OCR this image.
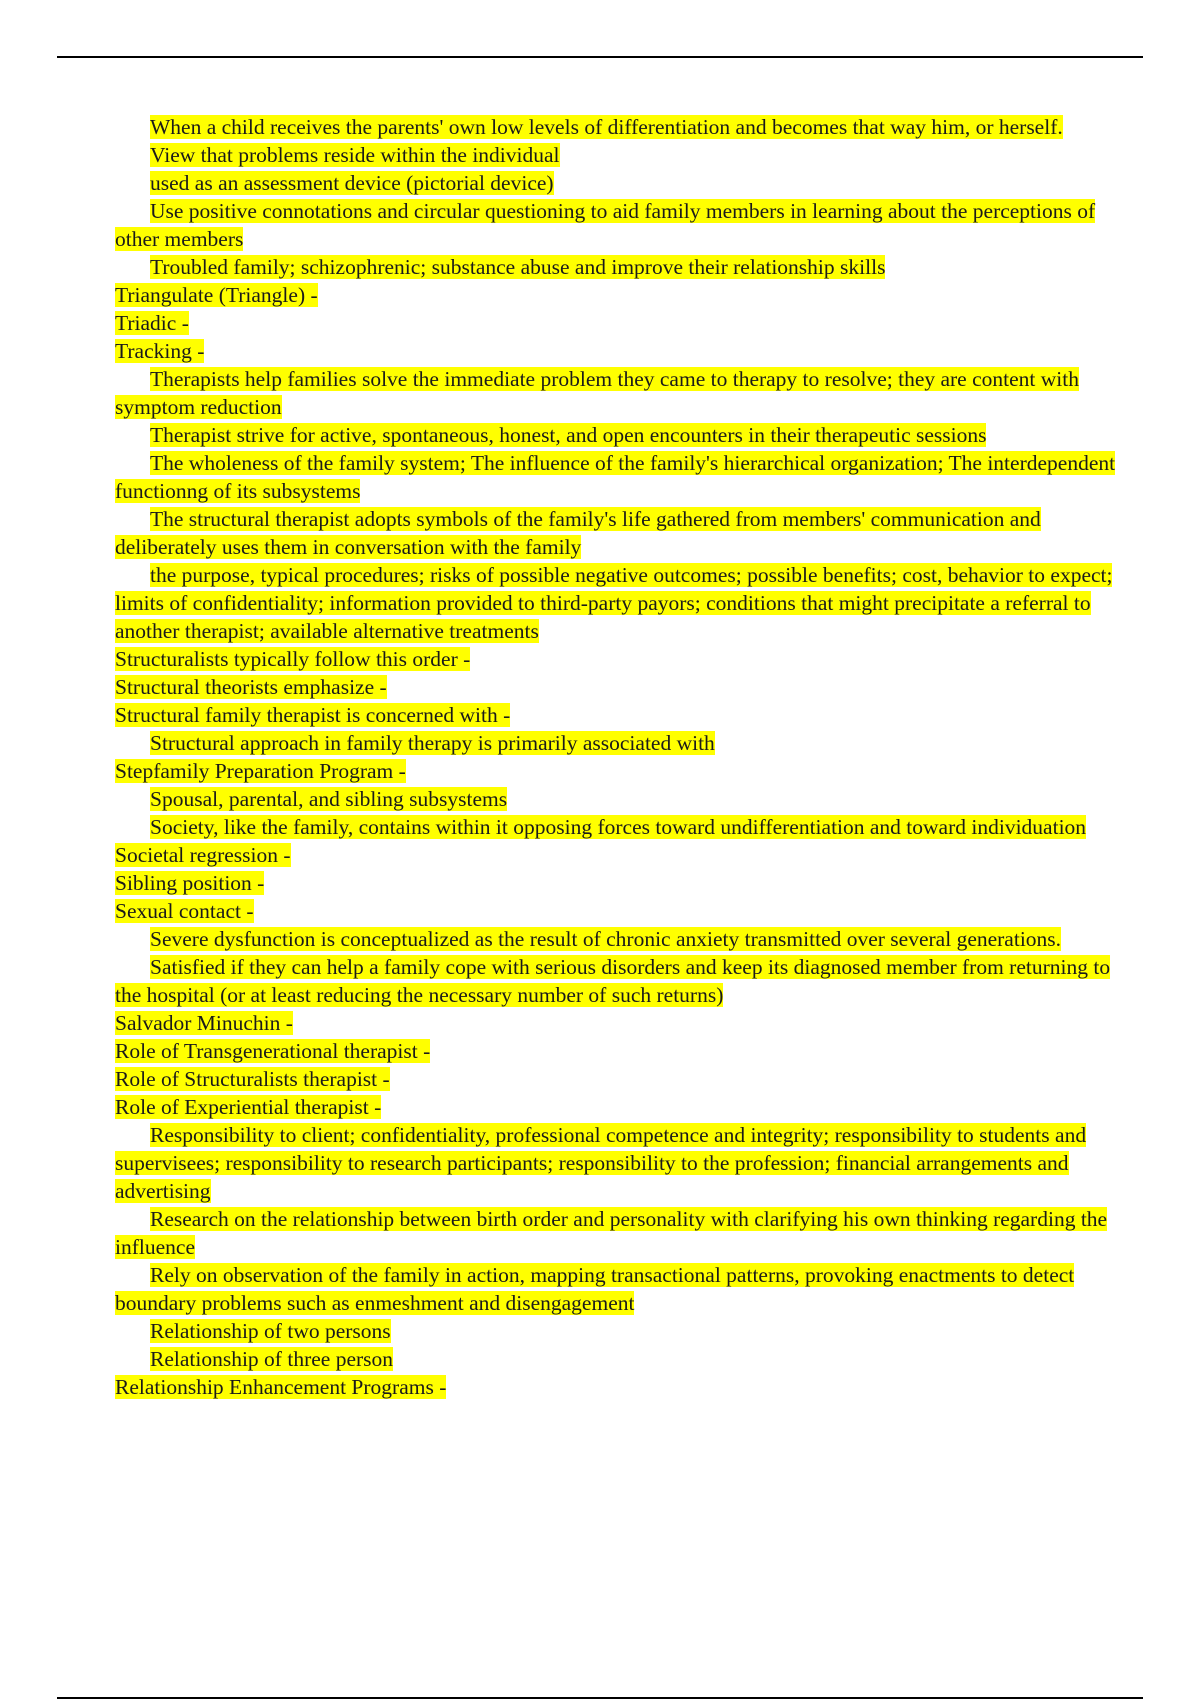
When a child receives the parents' own low levels of differentiation and becomes that way him, or herself.

View that problems reside within the individual

used as an assessment device (pictorial device)

Use positive connotations and circular questioning to aid family members in learning about the perceptions of other members

Troubled family; schizophrenic; substance abuse and improve their relationship skills

Triangulate (Triangle) -

Triadic -

Tracking -

Therapists help families solve the immediate problem they came to therapy to resolve; they are content with symptom reduction

Therapist strive for active, spontaneous, honest, and open encounters in their therapeutic sessions

The wholeness of the family system; The influence of the family's hierarchical organization; The interdependent functionng of its subsystems

The structural therapist adopts symbols of the family's life gathered from members' communication and deliberately uses them in conversation with the family

the purpose, typical procedures; risks of possible negative outcomes; possible benefits; cost, behavior to expect; limits of confidentiality; information provided to third-party payors; conditions that might precipitate a referral to another therapist; available alternative treatments

Structuralists typically follow this order -

Structural theorists emphasize -

Structural family therapist is concerned with -

Structural approach in family therapy is primarily associated with

Stepfamily Preparation Program -

Spousal, parental, and sibling subsystems

Society, like the family, contains within it opposing forces toward undifferentiation and toward individuation

Societal regression -

Sibling position -

Sexual contact -

Severe dysfunction is conceptualized as the result of chronic anxiety transmitted over several generations.

Satisfied if they can help a family cope with serious disorders and keep its diagnosed member from returning to the hospital (or at least reducing the necessary number of such returns)

Salvador Minuchin -

Role of Transgenerational therapist -

Role of Structuralists therapist -

Role of Experiential therapist -

Responsibility to client; confidentiality, professional competence and integrity; responsibility to students and supervisees; responsibility to research participants; responsibility to the profession; financial arrangements and advertising

Research on the relationship between birth order and personality with clarifying his own thinking regarding the influence

Rely on observation of the family in action, mapping transactional patterns, provoking enactments to detect boundary problems such as enmeshment and disengagement

Relationship of two persons

Relationship of three person

Relationship Enhancement Programs -
